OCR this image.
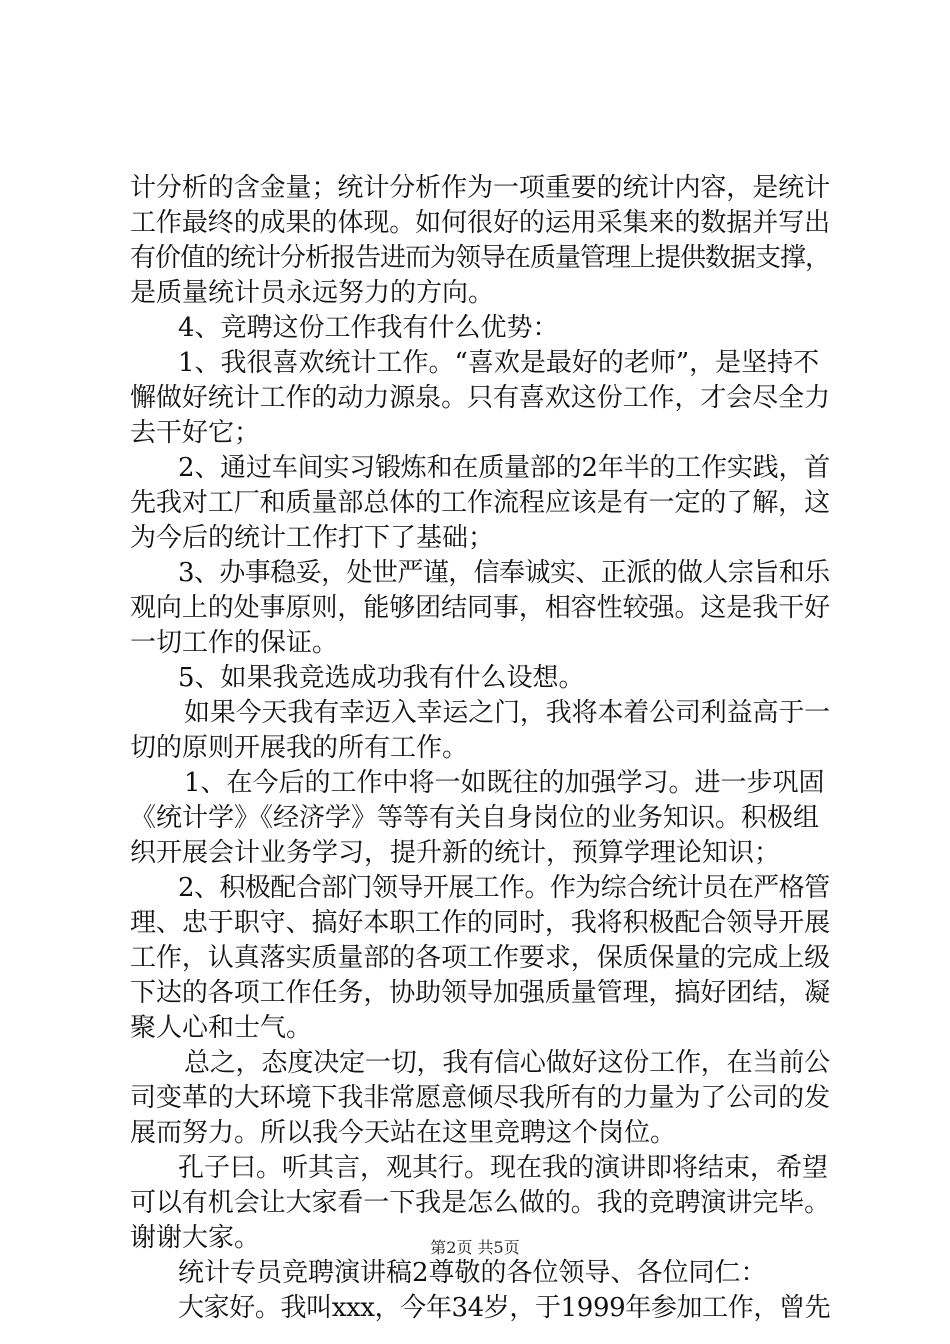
计分析的含金量；统计分析作为一项重要的统计内容，是统计
工作最终的成果的体现。如何很好的运用采集来的数据并写出
有价值的统计分析报告进而为领导在质量管理上提供数据支撑，
是质量统计员永远努力的方向。
4、竞聘这份工作我有什么优势：
1、我很喜欢统计工作。“喜欢是最好的老师”，是坚持不
懈做好统计工作的动力源泉。只有喜欢这份工作，才会尽全力
去干好它；
2、通过车间实习锻炼和在质量部的2年半的工作实践，首
先我对工厂和质量部总体的工作流程应该是有一定的了解，这
为今后的统计工作打下了基础；
3、办事稳妥，处世严谨，信奉诚实、正派的做人宗旨和乐
观向上的处事原则，能够团结同事，相容性较强。这是我干好
一切工作的保证。
5、如果我竞选成功我有什么设想。
如果今天我有幸迈入幸运之门，我将本着公司利益高于一
切的原则开展我的所有工作。
1、在今后的工作中将一如既往的加强学习。进一步巩固
《统计学》《经济学》等等有关自身岗位的业务知识。积极组
织开展会计业务学习，提升新的统计，预算学理论知识；
2、积极配合部门领导开展工作。作为综合统计员在严格管
理、忠于职守、搞好本职工作的同时，我将积极配合领导开展
工作，认真落实质量部的各项工作要求，保质保量的完成上级
下达的各项工作任务，协助领导加强质量管理，搞好团结，凝
聚人心和士气。
总之，态度决定一切，我有信心做好这份工作，在当前公
司变革的大环境下我非常愿意倾尽我所有的力量为了公司的发
展而努力。所以我今天站在这里竞聘这个岗位。
孔子曰。听其言，观其行。现在我的演讲即将结束，希望
可以有机会让大家看一下我是怎么做的。我的竞聘演讲完毕。
谢谢大家。
统计专员竞聘演讲稿2尊敬的各位领导、各位同仁：
大家好。我叫xxx，今年34岁，于1999年参加工作，曾先
第2页 共5页
